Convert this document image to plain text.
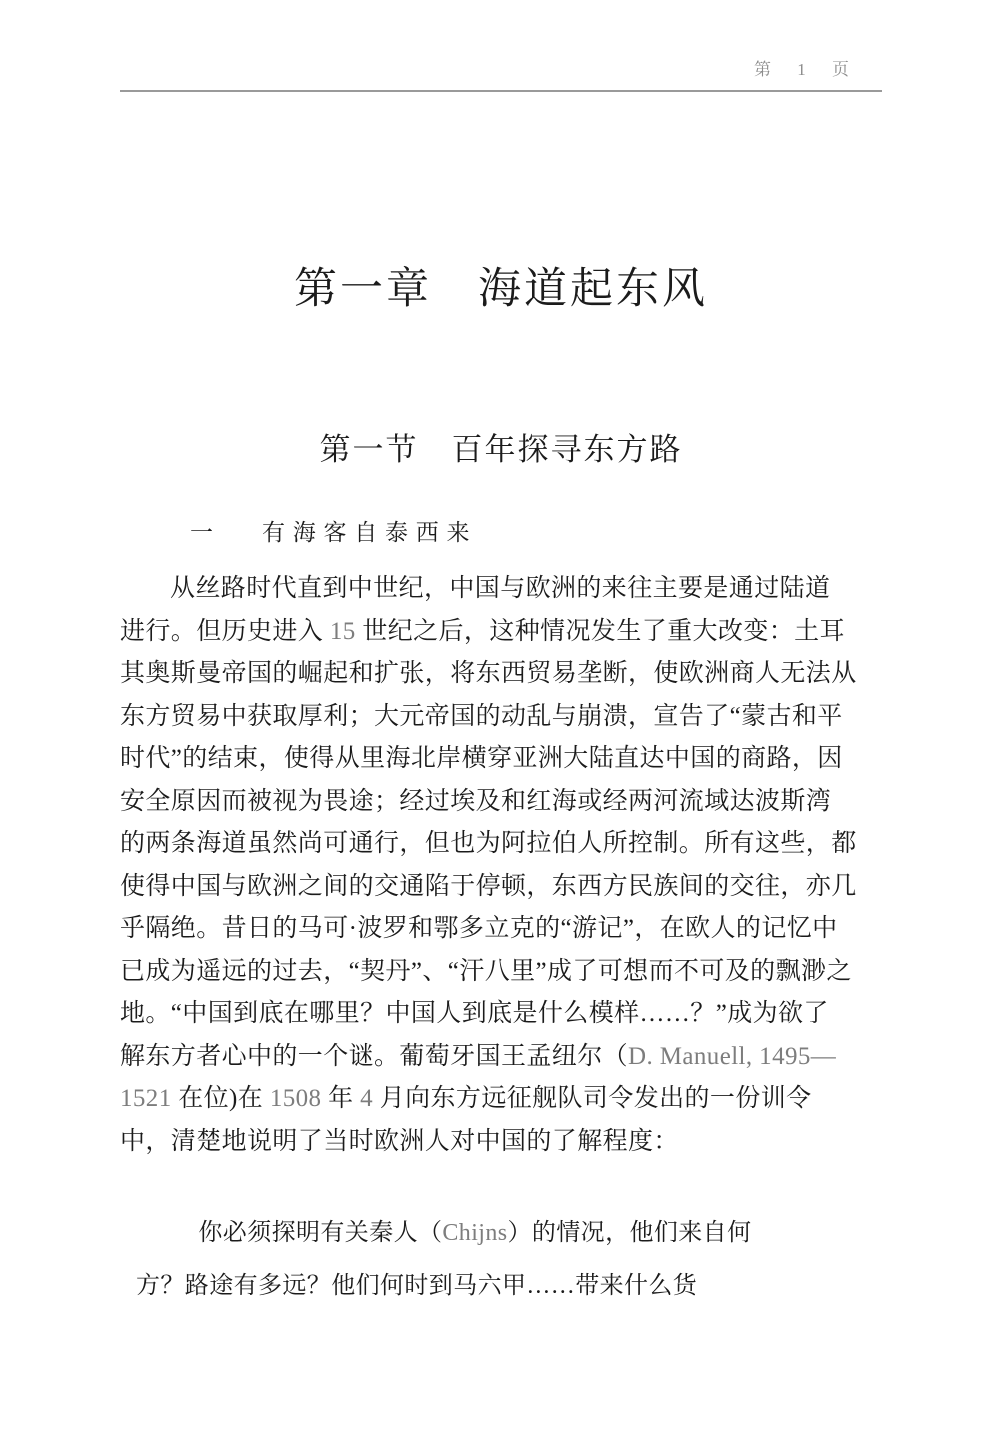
第 1 页
第一章　海道起东风
第一节　百年探寻东方路
一　　有 海 客 自 泰 西 来
从丝路时代直到中世纪，中国与欧洲的来往主要是通过陆道
进行。但历史进入 15 世纪之后，这种情况发生了重大改变：土耳
其奥斯曼帝国的崛起和扩张，将东西贸易垄断，使欧洲商人无法从
东方贸易中获取厚利；大元帝国的动乱与崩溃，宣告了“蒙古和平
时代”的结束，使得从里海北岸横穿亚洲大陆直达中国的商路，因
安全原因而被视为畏途；经过埃及和红海或经两河流域达波斯湾
的两条海道虽然尚可通行，但也为阿拉伯人所控制。所有这些，都
使得中国与欧洲之间的交通陷于停顿，东西方民族间的交往，亦几
乎隔绝。昔日的马可·波罗和鄂多立克的“游记”，在欧人的记忆中
已成为遥远的过去，“契丹”、“汗八里”成了可想而不可及的飘渺之
地。“中国到底在哪里？中国人到底是什么模样……？”成为欲了
解东方者心中的一个谜。葡萄牙国王孟纽尔（D. Manuell, 1495—
1521 在位)在 1508 年 4 月向东方远征舰队司令发出的一份训令
中，清楚地说明了当时欧洲人对中国的了解程度：
你必须探明有关秦人（Chijns）的情况，他们来自何
方？路途有多远？他们何时到马六甲……带来什么货
